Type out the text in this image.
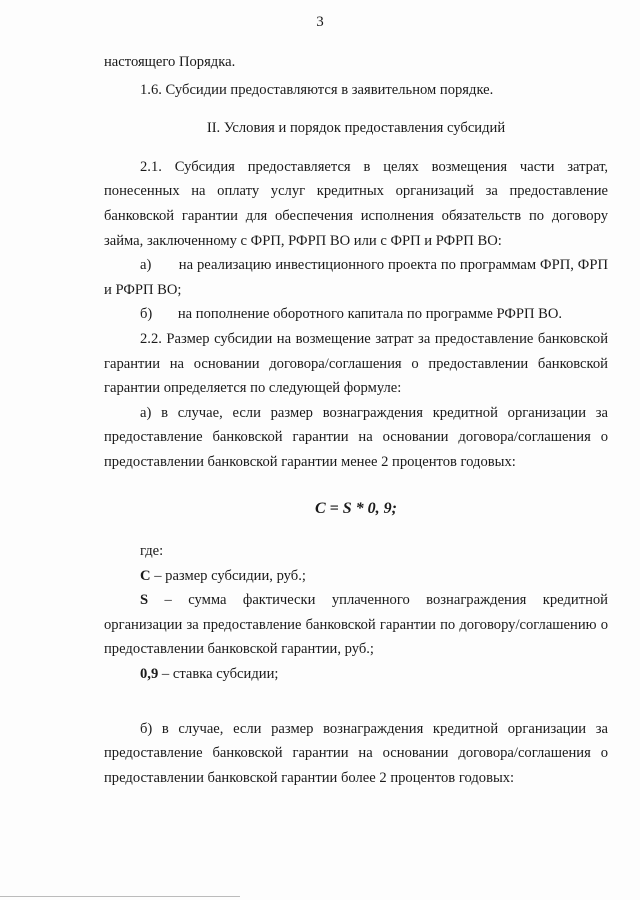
3

настоящего Порядка.

1.6. Субсидии предоставляются в заявительном порядке.

II. Условия и порядок предоставления субсидий

2.1. Субсидия предоставляется в целях возмещения части затрат, понесенных на оплату услуг кредитных организаций за предоставление банковской гарантии для обеспечения исполнения обязательств по договору займа, заключенному с ФРП, РФРП ВО или с ФРП и РФРП ВО:

а) на реализацию инвестиционного проекта по программам ФРП, ФРП и РФРП ВО;

б) на пополнение оборотного капитала по программе РФРП ВО.

2.2. Размер субсидии на возмещение затрат за предоставление банковской гарантии на основании договора/соглашения о предоставлении банковской гарантии определяется по следующей формуле:

а) в случае, если размер вознаграждения кредитной организации за предоставление банковской гарантии на основании договора/соглашения о предоставлении банковской гарантии менее 2 процентов годовых:

C = S * 0, 9;

где:

С – размер субсидии, руб.;

S – сумма фактически уплаченного вознаграждения кредитной организации за предоставление банковской гарантии по договору/соглашению о предоставлении банковской гарантии, руб.;

0,9 – ставка субсидии;

б) в случае, если размер вознаграждения кредитной организации за предоставление банковской гарантии на основании договора/соглашения о предоставлении банковской гарантии более 2 процентов годовых:
